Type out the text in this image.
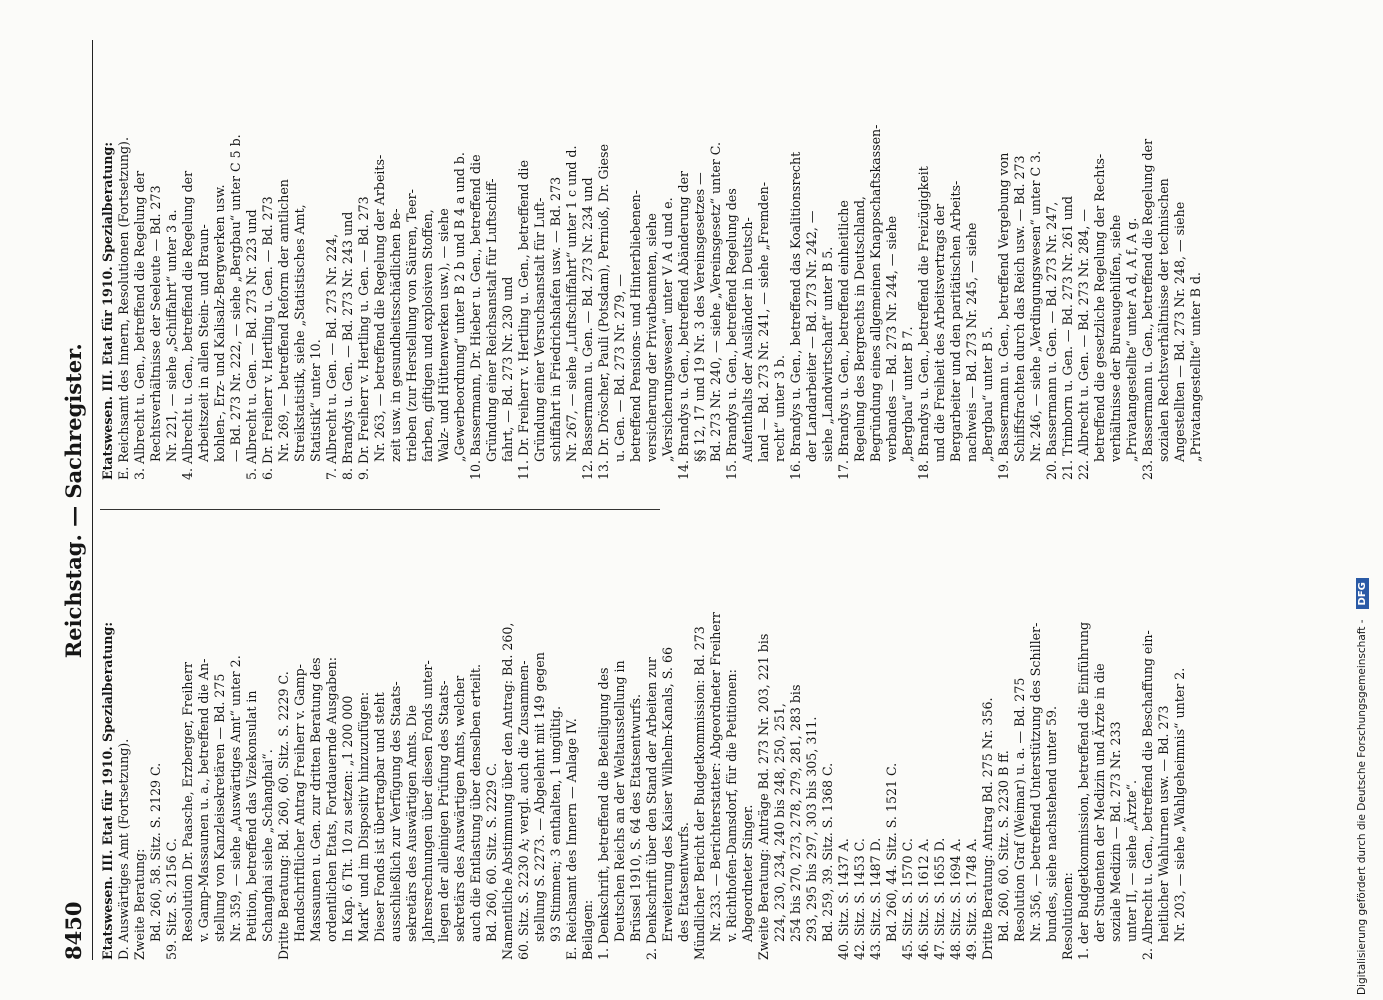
8450
Reichstag. — Sachregister.
Etatswesen. III. Etat für 1910. Spezialberatung: D. Auswärtiges Amt (Fortsetzung). Zweite Beratung: Bd. 260, 58. Sitz. S. 2129 C. 59. Sitz. S. 2156 C. Resolution Dr. Paasche, Erzberger, Freiherr v. Gamp-Massaunen u. a., betreffend die An- stellung von Kanzleisekretären — Bd. 275 Nr. 359, — siehe „Auswärtiges Amt“ unter 2. Petition, betreffend das Vizekonsulat in Schanghai siehe „Schanghai“. Dritte Beratung: Bd. 260, 60. Sitz. S. 2229 C. Handschriftlicher Antrag Freiherr v. Gamp- Massaunen u. Gen. zur dritten Beratung des ordentlichen Etats, Fortdauernde Ausgaben: In Kap. 6 Tit. 10 zu setzen: „1 200 000 Mark“ und im Dispositiv hinzuzufügen: Dieser Fonds ist übertragbar und steht ausschließlich zur Verfügung des Staats- sekretärs des Auswärtigen Amts. Die Jahresrechnungen über diesen Fonds unter- liegen der alleinigen Prüfung des Staats- sekretärs des Auswärtigen Amts, welcher auch die Entlastung über denselben erteilt. Bd. 260, 60. Sitz. S. 2229 C. Namentliche Abstimmung über den Antrag: Bd. 260, 60. Sitz. S. 2230 A; vergl. auch die Zusammen- stellung S. 2273. — Abgelehnt mit 149 gegen 93 Stimmen; 3 enthalten, 1 ungültig. E. Reichsamt des Innern — Anlage IV. Beilagen: 1. Denkschrift, betreffend die Beteiligung des Deutschen Reichs an der Weltausstellung in Brüssel 1910, S. 64 des Etatsentwurfs. 2. Denkschrift über den Stand der Arbeiten zur Erweiterung des Kaiser Wilhelm-Kanals, S. 66 des Etatsentwurfs. Mündlicher Bericht der Budgetkommission: Bd. 273 Nr. 233. — Berichterstatter: Abgeordneter Freiherr v. Richthofen-Damsdorf, für die Petitionen: Abgeordneter Singer. Zweite Beratung: Anträge Bd. 273 Nr. 203, 221 bis 224, 230, 234, 240 bis 248, 250, 251, 254 bis 270, 273, 278, 279, 281, 283 bis 293, 295 bis 297, 303 bis 305, 311. Bd. 259, 39. Sitz. S. 1368 C. 40. Sitz. S. 1437 A. 42. Sitz. S. 1453 C. 43. Sitz. S. 1487 D. Bd. 260, 44. Sitz. S. 1521 C. 45. Sitz. S. 1570 C. 46. Sitz. S. 1612 A. 47. Sitz. S. 1655 D. 48. Sitz. S. 1694 A. 49. Sitz. S. 1748 A. Dritte Beratung: Antrag Bd. 275 Nr. 356. Bd. 260, 60. Sitz. S. 2230 B ff. Resolution Graf (Weimar) u. a. — Bd. 275 Nr. 356, — betreffend Unterstützung des Schiller- bundes, siehe nachstehend unter 59. Resolutionen: 1. der Budgetkommission, betreffend die Einführung der Studenten der Medizin und Ärzte in die soziale Medizin — Bd. 273 Nr. 233 unter II, — siehe „Ärzte“. 2. Albrecht u. Gen., betreffend die Beschaffung ein- heitlicher Wahlurnen usw. — Bd. 273 Nr. 203, — siehe „Wahlgeheimnis“ unter 2.
Etatswesen. III. Etat für 1910. Spezialberatung: E. Reichsamt des Innern, Resolutionen (Fortsetzung). 3. Albrecht u. Gen., betreffend die Regelung der Rechtsverhältnisse der Seeleute — Bd. 273 Nr. 221, — siehe „Schiffahrt“ unter 3 a. 4. Albrecht u. Gen., betreffend die Regelung der Arbeitszeit in allen Stein- und Braun- kohlen-, Erz- und Kalisalz-Bergwerken usw. — Bd. 273 Nr. 222, — siehe „Bergbau“ unter C 5 b. 5. Albrecht u. Gen. — Bd. 273 Nr. 223 und 6. Dr. Freiherr v. Hertling u. Gen. — Bd. 273 Nr. 269, — betreffend Reform der amtlichen Streikstatistik, siehe „Statistisches Amt, Statistik“ unter 10. 7. Albrecht u. Gen. — Bd. 273 Nr. 224, 8. Brandys u. Gen. — Bd. 273 Nr. 243 und 9. Dr. Freiherr v. Hertling u. Gen. — Bd. 273 Nr. 263, — betreffend die Regelung der Arbeits- zeit usw. in gesundheitsschädlichen Be- trieben (zur Herstellung von Säuren, Teer- farben, giftigen und explosiven Stoffen, Walz- und Hüttenwerken usw.), — siehe „Gewerbeordnung“ unter B 2 b und B 4 a und b. 10. Bassermann, Dr. Hieber u. Gen., betreffend die Gründung einer Reichsanstalt für Luftschiff- fahrt, — Bd. 273 Nr. 230 und 11. Dr. Freiherr v. Hertling u. Gen., betreffend die Gründung einer Versuchsanstalt für Luft- schiffahrt in Friedrichshafen usw. — Bd. 273 Nr. 267, — siehe „Luftschiffahrt“ unter 1 c und d. 12. Bassermann u. Gen. — Bd. 273 Nr. 234 und 13. Dr. Dröscher, Pauli (Potsdam), Pernioß, Dr. Giese u. Gen. — Bd. 273 Nr. 279, — betreffend Pensions- und Hinterbliebenen- versicherung der Privatbeamten, siehe „Versicherungswesen“ unter V A d und e. 14. Brandys u. Gen., betreffend Abänderung der §§ 12, 17 und 19 Nr. 3 des Vereinsgesetzes — Bd. 273 Nr. 240, — siehe „Vereinsgesetz“ unter C. 15. Brandys u. Gen., betreffend Regelung des Aufenthalts der Ausländer in Deutsch- land — Bd. 273 Nr. 241, — siehe „Fremden- recht“ unter 3 b. 16. Brandys u. Gen., betreffend das Koalitionsrecht der Landarbeiter — Bd. 273 Nr. 242, — siehe „Landwirtschaft“ unter B 5. 17. Brandys u. Gen., betreffend einheitliche Regelung des Bergrechts in Deutschland, Begründung eines allgemeinen Knappschaftskassen- verbandes — Bd. 273 Nr. 244, — siehe „Bergbau“ unter B 7. 18. Brandys u. Gen., betreffend die Freizügigkeit und die Freiheit des Arbeitsvertrags der Bergarbeiter und den paritätischen Arbeits- nachweis — Bd. 273 Nr. 245, — siehe „Bergbau“ unter B 5. 19. Bassermann u. Gen., betreffend Vergebung von Schiffsfrachten durch das Reich usw. — Bd. 273 Nr. 246, — siehe „Verdingungswesen“ unter C 3. 20. Bassermann u. Gen. — Bd. 273 Nr. 247, 21. Trimborn u. Gen. — Bd. 273 Nr. 261 und 22. Albrecht u. Gen. — Bd. 273 Nr. 284, — betreffend die gesetzliche Regelung der Rechts- verhältnisse der Bureaugehilfen, siehe „Privatangestellte“ unter A d, A f, A g. 23. Bassermann u. Gen., betreffend die Regelung der sozialen Rechtsverhältnisse der technischen Angestellten — Bd. 273 Nr. 248, — siehe „Privatangestellte“ unter B d.
Digitalisierung gefördert durch die Deutsche Forschungsgemeinschaft -
DFG
